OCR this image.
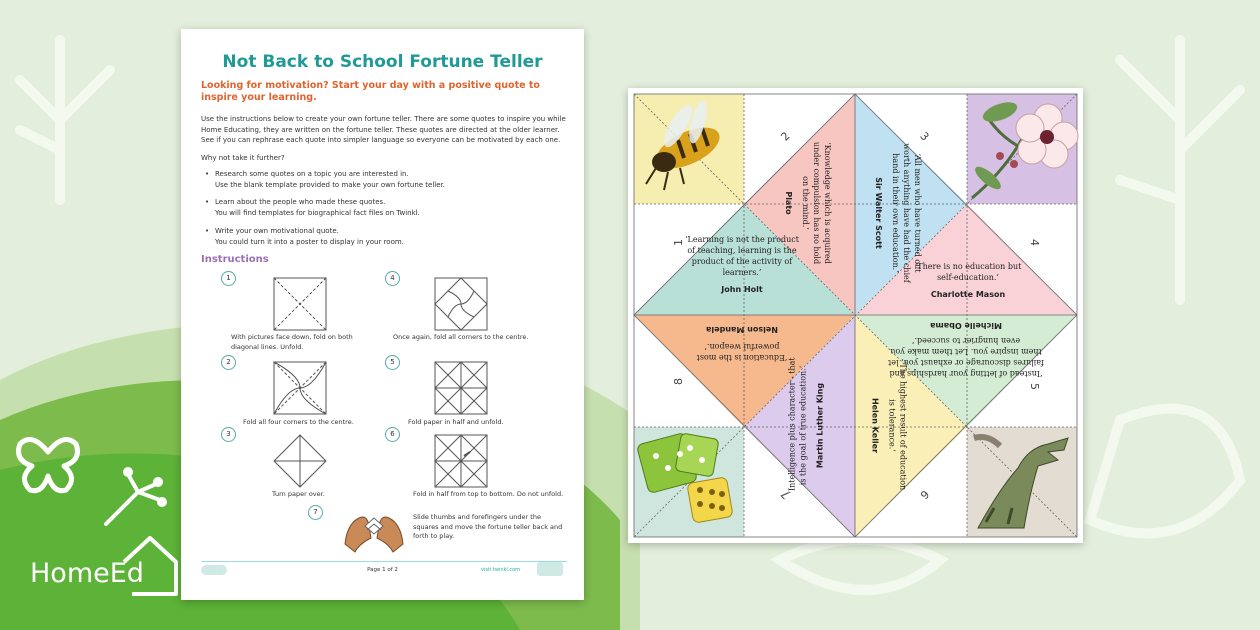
HomeEd
Not Back to School Fortune Teller
Looking for motivation? Start your day with a positive quote to inspire your learning.
Use the instructions below to create your own fortune teller. There are some quotes to inspire you while Home Educating, they are written on the fortune teller. These quotes are directed at the older learner. See if you can rephrase each quote into simpler language so everyone can be motivated by each one.
Why not take it further?
• Research some quotes on a topic you are interested in.
Use the blank template provided to make your own fortune teller.
• Learn about the people who made these quotes.
You will find templates for biographical fact files on Twinkl.
• Write your own motivational quote.
You could turn it into a poster to display in your room.
Instructions
1
With pictures face down, fold on both diagonal lines. Unfold.
2
Fold all four corners to the centre.
3
Turn paper over.
4
Once again, fold all corners to the centre.
5
Fold paper in half and unfold.
6
Fold in half from top to bottom. Do not unfold.
7
Slide thumbs and forefingers under the squares and move the fortune teller back and forth to play.
Page 1 of 2	visit twinkl.com
1
2	3
4
5
6
7
8
‘Learning is not the product of teaching, learning is the product of the activity of learners.’
John Holt
‘Knowledge which is acquired under compulsion has no hold on the mind.’
Plato	‘All men who have turned out worth anything have had the chief hand in their own education.’
Sir Walter Scott
‘There is no education but self-education.’
Charlotte Mason
‘Instead of letting your hardships and failures discourage or exhaust you, let them inspire you. Let them make you even hungrier to succeed.’
Michelle Obama
‘The highest result of education is tolerance.’
Helen Keller
‘Intelligence plus character - that is the goal of true education.’ Martin Luther King
‘Education is the most powerful weapon.’
Nelson Mandela
